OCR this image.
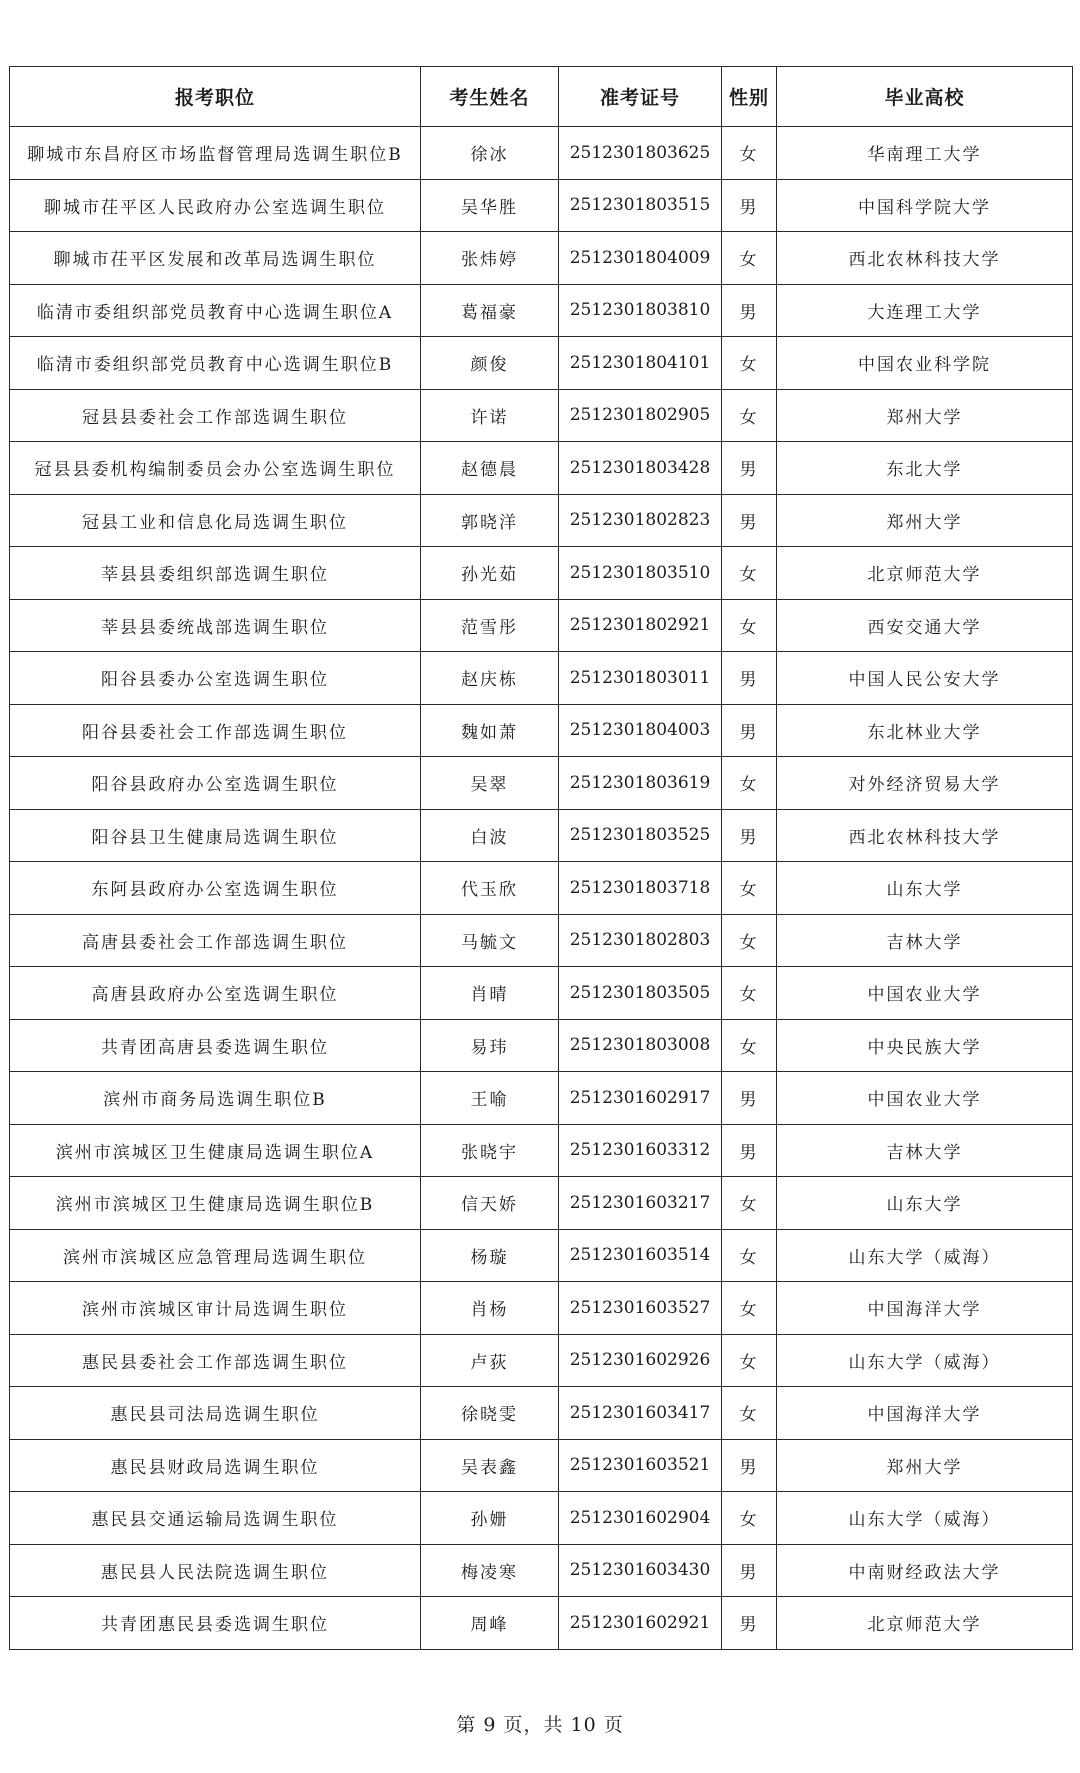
报考职位	考生姓名	准考证号	性别	毕业高校
聊城市东昌府区市场监督管理局选调生职位B	徐冰	2512301803625	女	华南理工大学
聊城市茌平区人民政府办公室选调生职位	吴华胜	2512301803515	男	中国科学院大学
聊城市茌平区发展和改革局选调生职位	张炜婷	2512301804009	女	西北农林科技大学
临清市委组织部党员教育中心选调生职位A	葛福豪	2512301803810	男	大连理工大学
临清市委组织部党员教育中心选调生职位B	颜俊	2512301804101	女	中国农业科学院
冠县县委社会工作部选调生职位	许诺	2512301802905	女	郑州大学
冠县县委机构编制委员会办公室选调生职位	赵德晨	2512301803428	男	东北大学
冠县工业和信息化局选调生职位	郭晓洋	2512301802823	男	郑州大学
莘县县委组织部选调生职位	孙光茹	2512301803510	女	北京师范大学
莘县县委统战部选调生职位	范雪彤	2512301802921	女	西安交通大学
阳谷县委办公室选调生职位	赵庆栋	2512301803011	男	中国人民公安大学
阳谷县委社会工作部选调生职位	魏如萧	2512301804003	男	东北林业大学
阳谷县政府办公室选调生职位	吴翠	2512301803619	女	对外经济贸易大学
阳谷县卫生健康局选调生职位	白波	2512301803525	男	西北农林科技大学
东阿县政府办公室选调生职位	代玉欣	2512301803718	女	山东大学
高唐县委社会工作部选调生职位	马毓文	2512301802803	女	吉林大学
高唐县政府办公室选调生职位	肖晴	2512301803505	女	中国农业大学
共青团高唐县委选调生职位	易玮	2512301803008	女	中央民族大学
滨州市商务局选调生职位B	王喻	2512301602917	男	中国农业大学
滨州市滨城区卫生健康局选调生职位A	张晓宇	2512301603312	男	吉林大学
滨州市滨城区卫生健康局选调生职位B	信天娇	2512301603217	女	山东大学
滨州市滨城区应急管理局选调生职位	杨璇	2512301603514	女	山东大学（威海）
滨州市滨城区审计局选调生职位	肖杨	2512301603527	女	中国海洋大学
惠民县委社会工作部选调生职位	卢荻	2512301602926	女	山东大学（威海）
惠民县司法局选调生职位	徐晓雯	2512301603417	女	中国海洋大学
惠民县财政局选调生职位	吴表鑫	2512301603521	男	郑州大学
惠民县交通运输局选调生职位	孙姗	2512301602904	女	山东大学（威海）
惠民县人民法院选调生职位	梅凌寒	2512301603430	男	中南财经政法大学
共青团惠民县委选调生职位	周峰	2512301602921	男	北京师范大学
第 9 页，共 10 页
